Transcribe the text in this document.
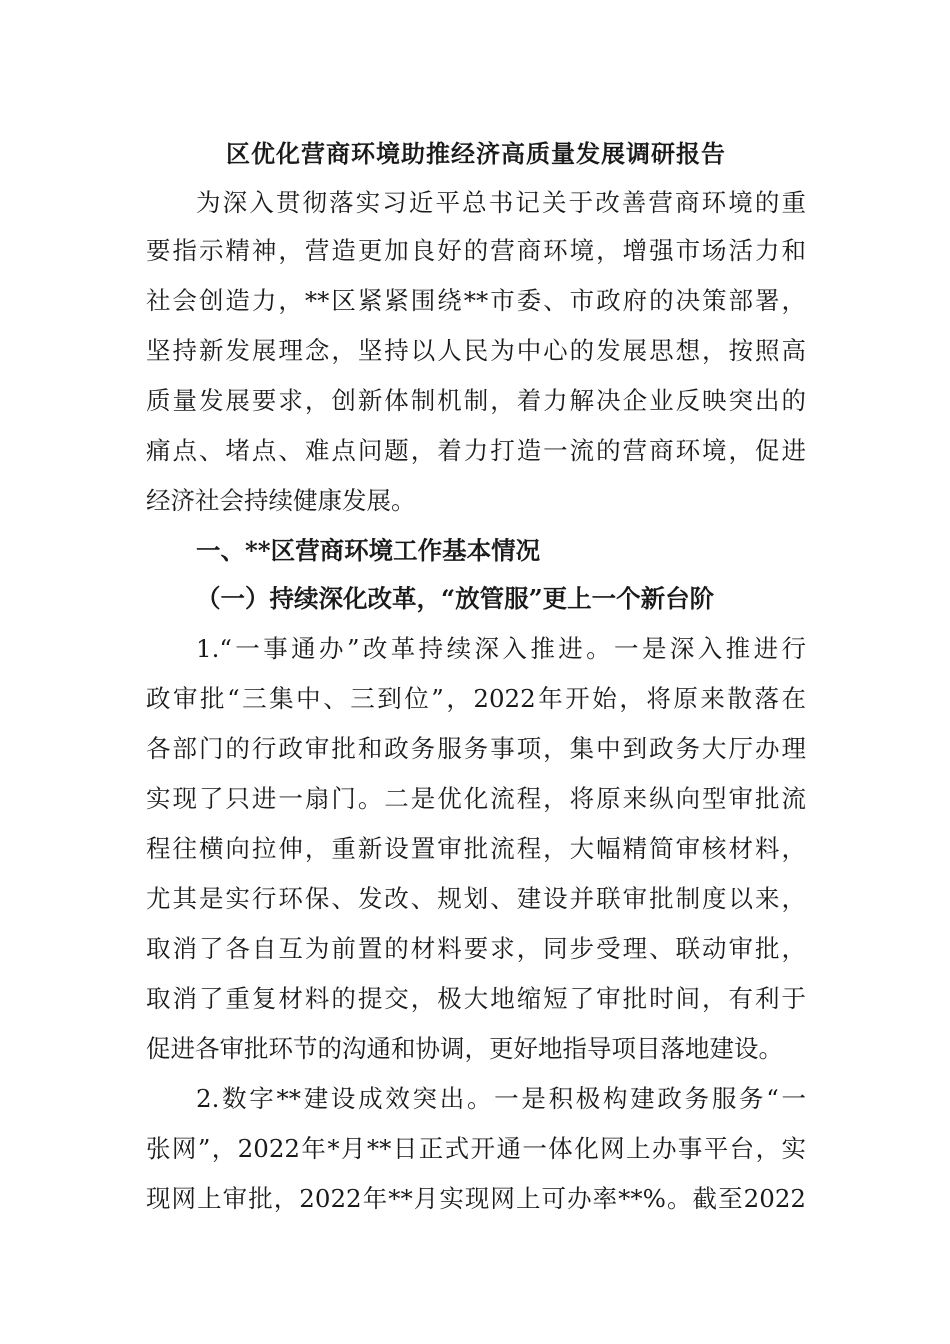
区优化营商环境助推经济高质量发展调研报告
为深入贯彻落实习近平总书记关于改善营商环境的重
要指示精神，营造更加良好的营商环境，增强市场活力和
社会创造力，**区紧紧围绕**市委、市政府的决策部署，
坚持新发展理念，坚持以人民为中心的发展思想，按照高
质量发展要求，创新体制机制，着力解决企业反映突出的
痛点、堵点、难点问题，着力打造一流的营商环境，促进
经济社会持续健康发展。
一、**区营商环境工作基本情况
（一）持续深化改革，“放管服”更上一个新台阶
1.“一事通办”改革持续深入推进。一是深入推进行
政审批“三集中、三到位”，2022年开始，将原来散落在
各部门的行政审批和政务服务事项，集中到政务大厅办理
实现了只进一扇门。二是优化流程，将原来纵向型审批流
程往横向拉伸，重新设置审批流程，大幅精简审核材料，
尤其是实行环保、发改、规划、建设并联审批制度以来，
取消了各自互为前置的材料要求，同步受理、联动审批，
取消了重复材料的提交，极大地缩短了审批时间，有利于
促进各审批环节的沟通和协调，更好地指导项目落地建设。
2.数字**建设成效突出。一是积极构建政务服务“一
张网”，2022年*月**日正式开通一体化网上办事平台，实
现网上审批，2022年**月实现网上可办率**%。截至2022
